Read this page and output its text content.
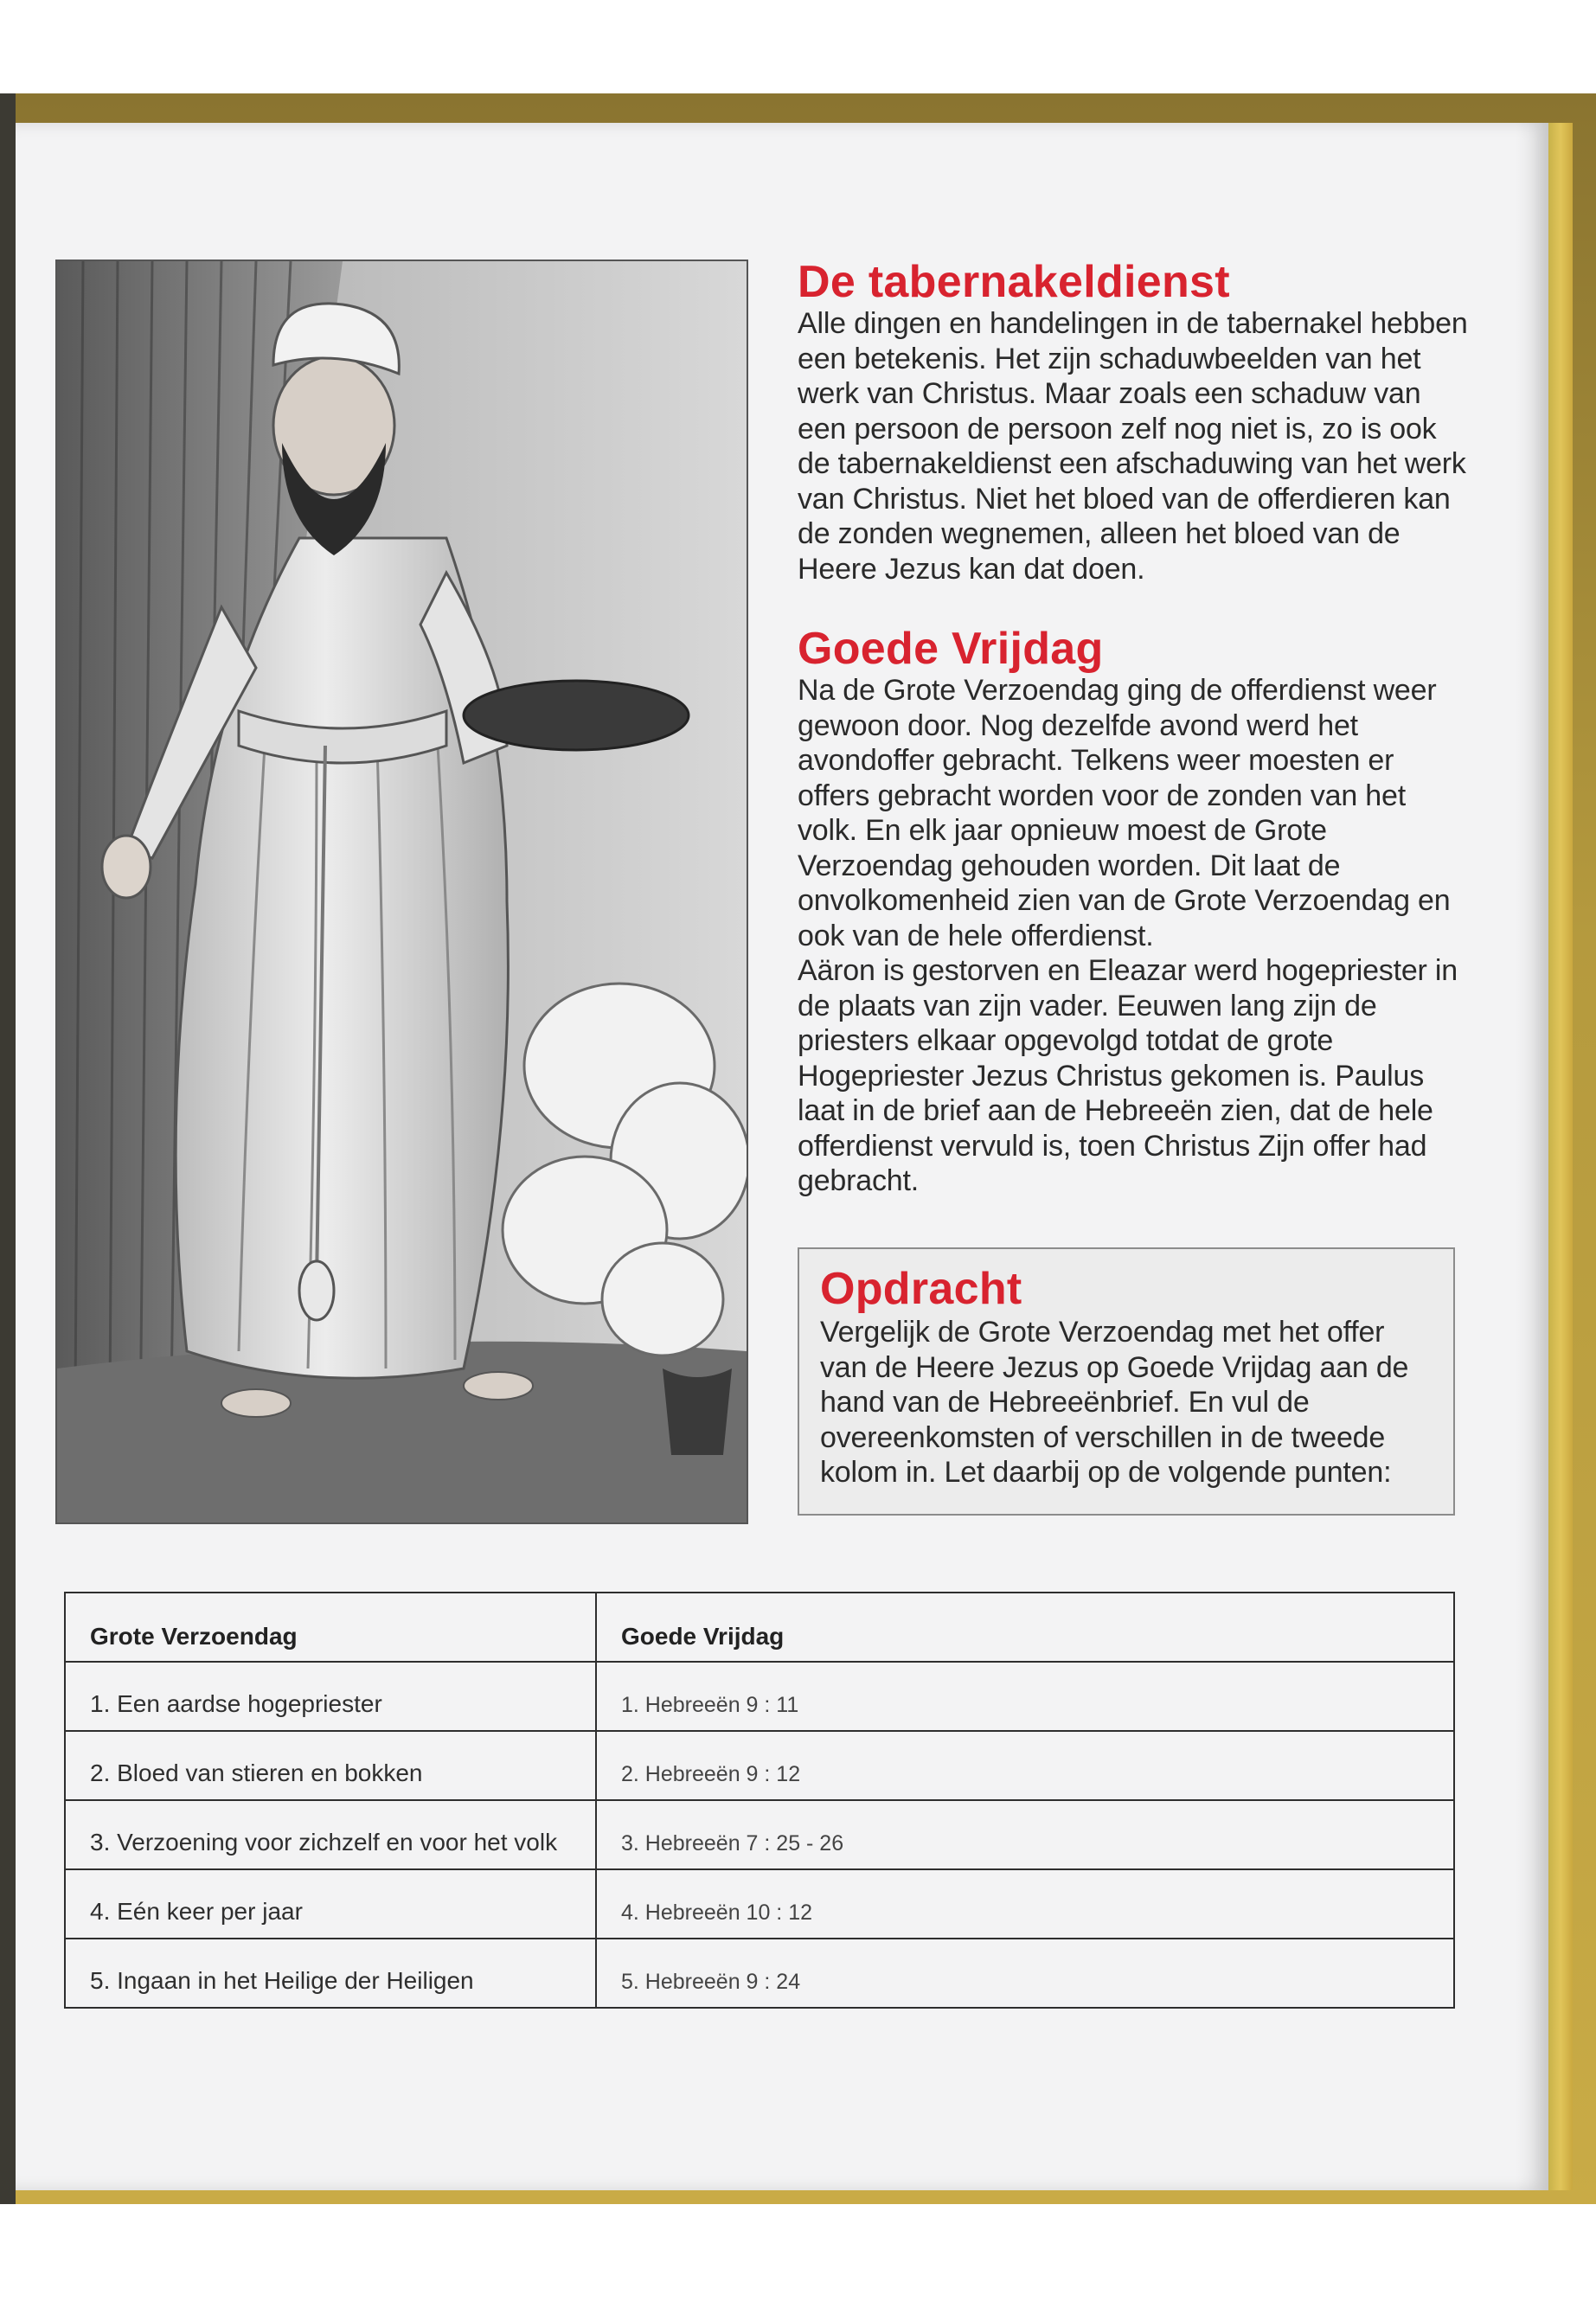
De tabernakeldienst

Alle dingen en handelingen in de tabernakel hebben een betekenis. Het zijn schaduwbeelden van het werk van Christus. Maar zoals een schaduw van een persoon de persoon zelf nog niet is, zo is ook de tabernakeldienst een afschaduwing van het werk van Christus. Niet het bloed van de offerdieren kan de zonden wegnemen, alleen het bloed van de Heere Jezus kan dat doen.

Goede Vrijdag

Na de Grote Verzoendag ging de offerdienst weer gewoon door. Nog dezelfde avond werd het avondoffer gebracht. Telkens weer moesten er offers gebracht worden voor de zonden van het volk. En elk jaar opnieuw moest de Grote Verzoendag gehouden worden. Dit laat de onvolkomenheid zien van de Grote Verzoendag en ook van de hele offerdienst.

Aäron is gestorven en Eleazar werd hogepriester in de plaats van zijn vader. Eeuwen lang zijn de priesters elkaar opgevolgd totdat de grote Hogepriester Jezus Christus gekomen is. Paulus laat in de brief aan de Hebreeën zien, dat de hele offerdienst vervuld is, toen Christus Zijn offer had gebracht.

Opdracht

Vergelijk de Grote Verzoendag met het offer van de Heere Jezus op Goede Vrijdag aan de hand van de Hebreeënbrief. En vul de overeenkomsten of verschillen in de tweede kolom in. Let daarbij op de volgende punten:

Grote Verzoendag	Goede Vrijdag
1. Een aardse hogepriester	1. Hebreeën 9 : 11
2. Bloed van stieren en bokken	2. Hebreeën 9 : 12
3. Verzoening voor zichzelf en voor het volk	3. Hebreeën 7 : 25 - 26
4. Eén keer per jaar	4. Hebreeën 10 : 12
5. Ingaan in het Heilige der Heiligen	5. Hebreeën 9 : 24
